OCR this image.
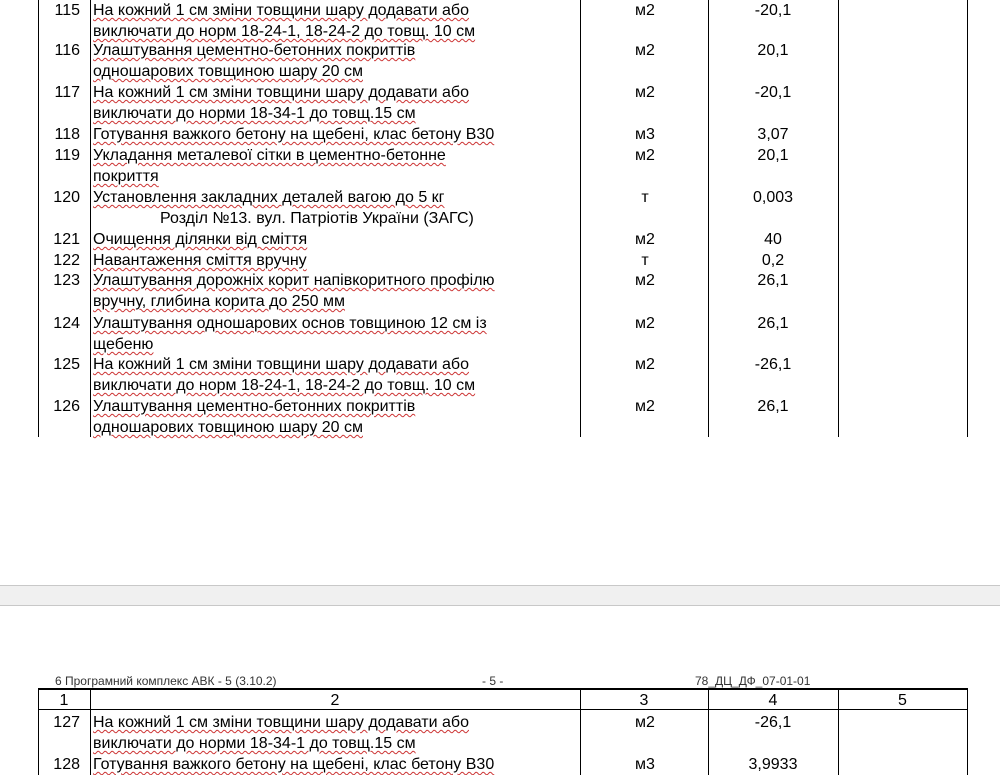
115 На кожний 1 см зміни товщини шару додавати або
виключати до норм 18-24-1, 18-24-2 до товщ. 10 см
м2	-20,1
116 Улаштування цементно-бетонних покриттів
одношарових товщиною шару 20 см
м2	20,1
117 На кожний 1 см зміни товщини шару додавати або
виключати до норми 18-34-1 до товщ.15 см
м2	-20,1
118 Готування важкого бетону на щебені, клас бетону В30	м3	3,07
119 Укладання металевої сітки в цементно-бетонне
покриття
м2	20,1
120 Установлення закладних деталей вагою до 5 кг	т	0,003
Розділ №13. вул. Патріотів України (ЗАГС)
121 Очищення ділянки від сміття	м2	40
122 Навантаження сміття вручну	т	0,2
123 Улаштування дорожніх корит напівкоритного профілю
вручну, глибина корита до 250 мм
м2	26,1
124 Улаштування одношарових основ товщиною 12 см із
щебеню
м2	26,1
125 На кожний 1 см зміни товщини шару додавати або
виключати до норм 18-24-1, 18-24-2 до товщ. 10 см
м2	-26,1
126 Улаштування цементно-бетонних покриттів
одношарових товщиною шару 20 см
м2	26,1
6 Програмний комплекс АВК - 5 (3.10.2)	- 5 -	78_ДЦ_ДФ_07-01-01
1	2	3	4	5
127 На кожний 1 см зміни товщини шару додавати або
виключати до норми 18-34-1 до товщ.15 см
м2	-26,1
128 Готування важкого бетону на щебені, клас бетону В30	м3	3,9933
